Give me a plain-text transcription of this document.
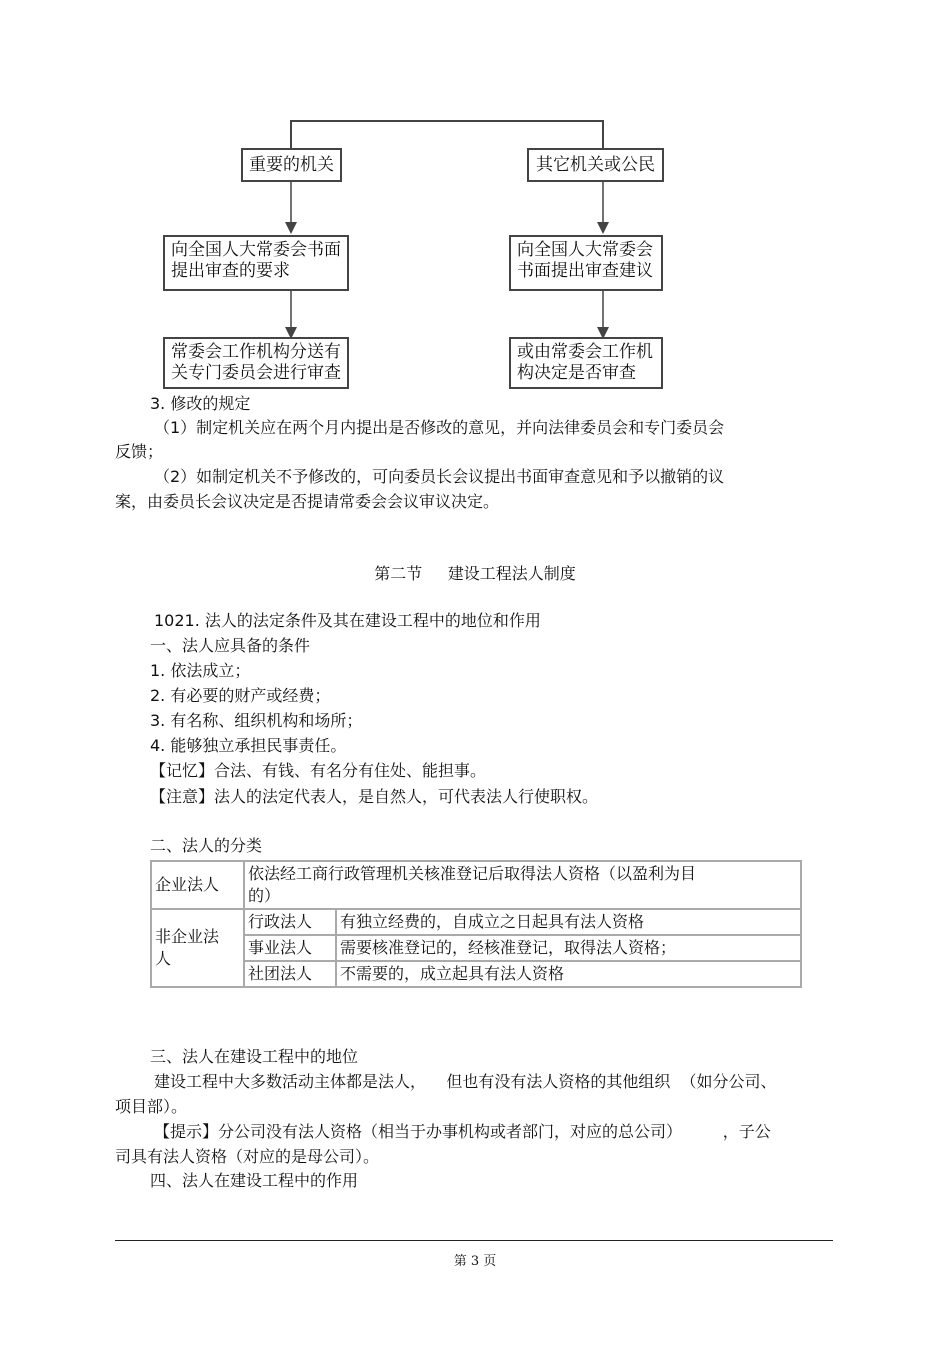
重要的机关	其它机关或公民
向全国人大常委会书面
提出审查的要求
向全国人大常委会
书面提出审查建议
常委会工作机构分送有
关专门委员会进行审查
或由常委会工作机
构决定是否审查
3. 修改的规定
（1）制定机关应在两个月内提出是否修改的意见，并向法律委员会和专门委员会
反馈；
（2）如制定机关不予修改的，可向委员长会议提出书面审查意见和予以撤销的议
案，由委员长会议决定是否提请常委会会议审议决定。
第二节     建设工程法人制度
1021. 法人的法定条件及其在建设工程中的地位和作用
一、法人应具备的条件
1. 依法成立；
2. 有必要的财产或经费；
3. 有名称、组织机构和场所；
4. 能够独立承担民事责任。
【记忆】合法、有钱、有名分有住处、能担事。
【注意】法人的法定代表人，是自然人，可代表法人行使职权。
二、法人的分类
企业法人	依法经工商行政管理机关核准登记后取得法人资格（以盈利为目
的）	

非企业法
人	行政法人	有独立经费的，自成立之日起具有法人资格
	事业法人	需要核准登记的，经核准登记，取得法人资格；
	社团法人	不需要的，成立起具有法人资格
三、法人在建设工程中的地位
建设工程中大多数活动主体都是法人，    但也有没有法人资格的其他组织  （如分公司、
项目部）。
【提示】分公司没有法人资格（相当于办事机构或者部门，对应的总公司）        ，子公
司具有法人资格（对应的是母公司）。
四、法人在建设工程中的作用
第 3 页
